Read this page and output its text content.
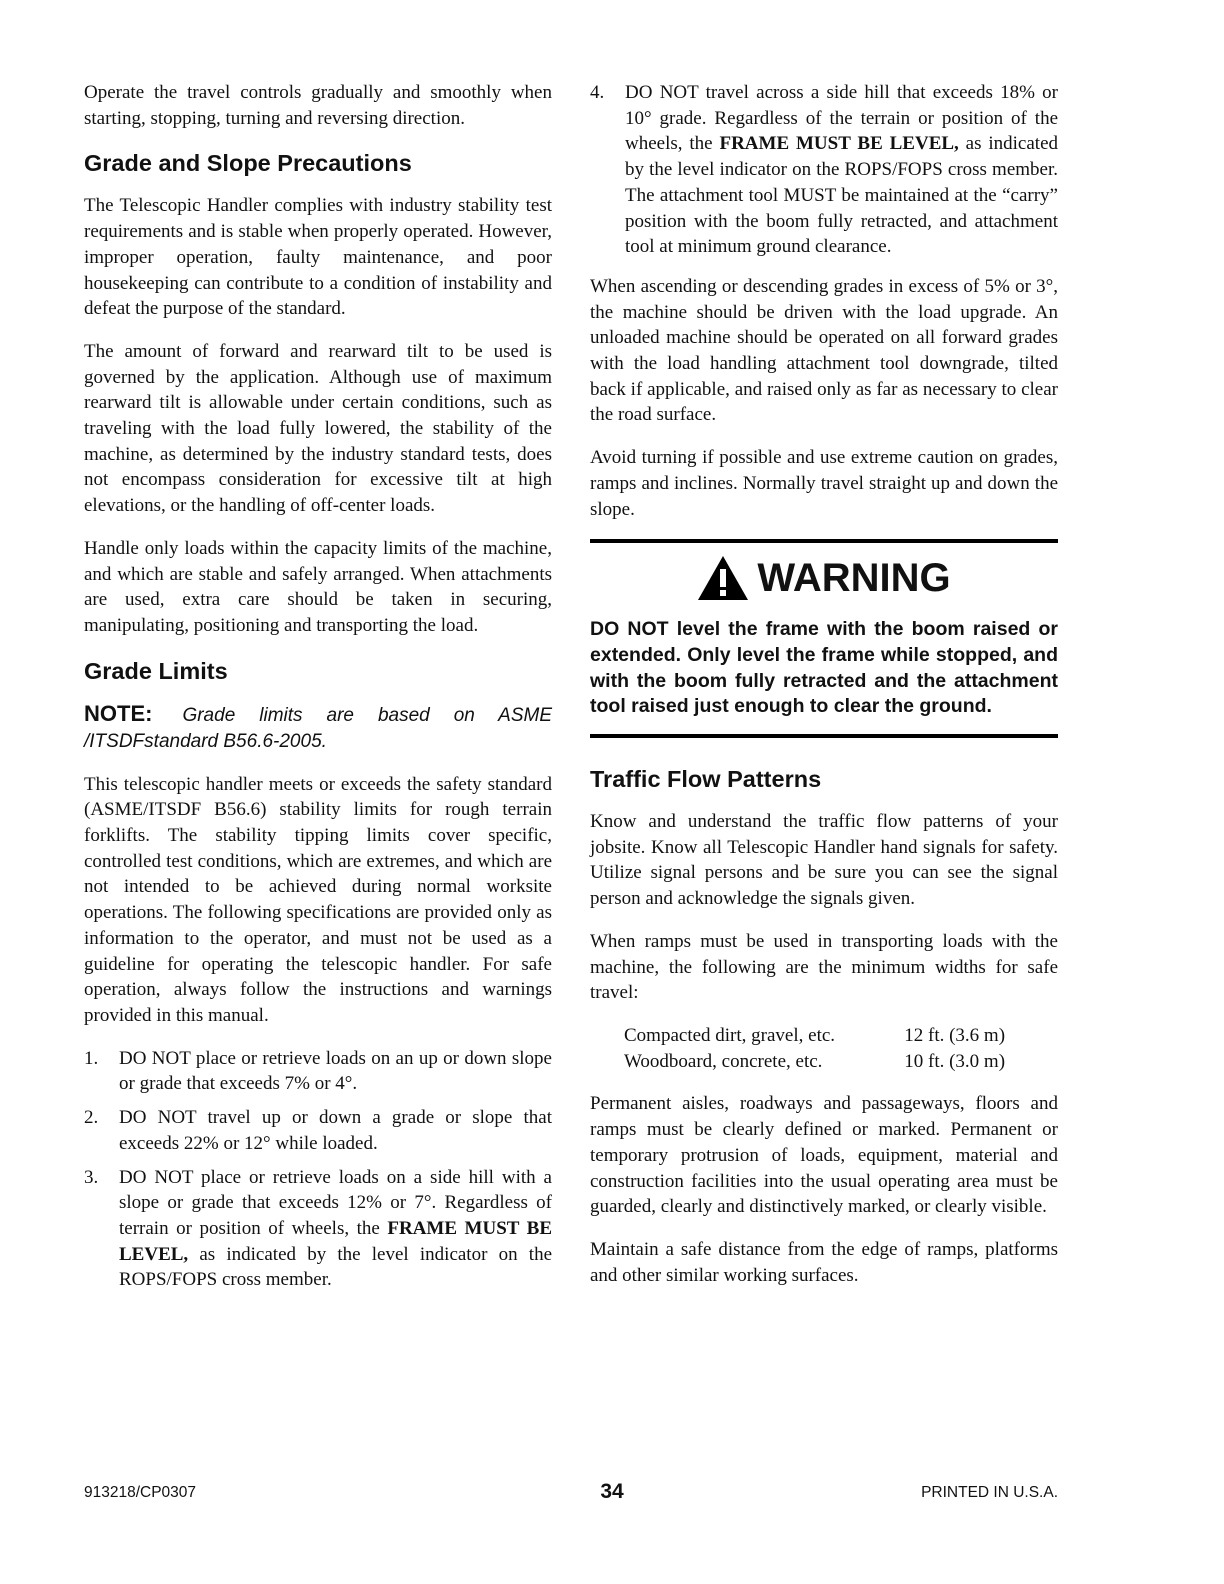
Operate the travel controls gradually and smoothly when starting, stopping, turning and reversing direction.

Grade and Slope Precautions

The Telescopic Handler complies with industry stability test requirements and is stable when properly operated. However, improper operation, faulty maintenance, and poor housekeeping can contribute to a condition of instability and defeat the purpose of the standard.

The amount of forward and rearward tilt to be used is governed by the application. Although use of maximum rearward tilt is allowable under certain conditions, such as traveling with the load fully lowered, the stability of the machine, as determined by the industry standard tests, does not encompass consideration for excessive tilt at high elevations, or the handling of off-center loads.

Handle only loads within the capacity limits of the machine, and which are stable and safely arranged. When attachments are used, extra care should be taken in securing, manipulating, positioning and transporting the load.

Grade Limits
NOTE: Grade limits are based on ASME /ITSDFstandard B56.6-2005.

This telescopic handler meets or exceeds the safety standard (ASME/ITSDF B56.6) stability limits for rough terrain forklifts. The stability tipping limits cover specific, controlled test conditions, which are extremes, and which are not intended to be achieved during normal worksite operations. The following specifications are provided only as information to the operator, and must not be used as a guideline for operating the telescopic handler. For safe operation, always follow the instructions and warnings provided in this manual.

1. DO NOT place or retrieve loads on an up or down slope or grade that exceeds 7% or 4°.
2. DO NOT travel up or down a grade or slope that exceeds 22% or 12° while loaded.
3. DO NOT place or retrieve loads on a side hill with a slope or grade that exceeds 12% or 7°. Regardless of terrain or position of wheels, the FRAME MUST BE LEVEL, as indicated by the level indicator on the ROPS/FOPS cross member.
4. DO NOT travel across a side hill that exceeds 18% or 10° grade. Regardless of the terrain or position of the wheels, the FRAME MUST BE LEVEL, as indicated by the level indicator on the ROPS/FOPS cross member. The attachment tool MUST be maintained at the “carry” position with the boom fully retracted, and attachment tool at minimum ground clearance.

When ascending or descending grades in excess of 5% or 3°, the machine should be driven with the load upgrade. An unloaded machine should be operated on all forward grades with the load handling attachment tool downgrade, tilted back if applicable, and raised only as far as necessary to clear the road surface.

Avoid turning if possible and use extreme caution on grades, ramps and inclines. Normally travel straight up and down the slope.

WARNING

DO NOT level the frame with the boom raised or extended. Only level the frame while stopped, and with the boom fully retracted and the attachment tool raised just enough to clear the ground.

Traffic Flow Patterns

Know and understand the traffic flow patterns of your jobsite. Know all Telescopic Handler hand signals for safety. Utilize signal persons and be sure you can see the signal person and acknowledge the signals given.

When ramps must be used in transporting loads with the machine, the following are the minimum widths for safe travel:

Compacted dirt, gravel, etc.	12 ft. (3.6 m)
Woodboard, concrete, etc.	10 ft. (3.0 m)

Permanent aisles, roadways and passageways, floors and ramps must be clearly defined or marked. Permanent or temporary protrusion of loads, equipment, material and construction facilities into the usual operating area must be guarded, clearly and distinctively marked, or clearly visible.

Maintain a safe distance from the edge of ramps, platforms and other similar working surfaces.

913218/CP0307	34	PRINTED IN U.S.A.
